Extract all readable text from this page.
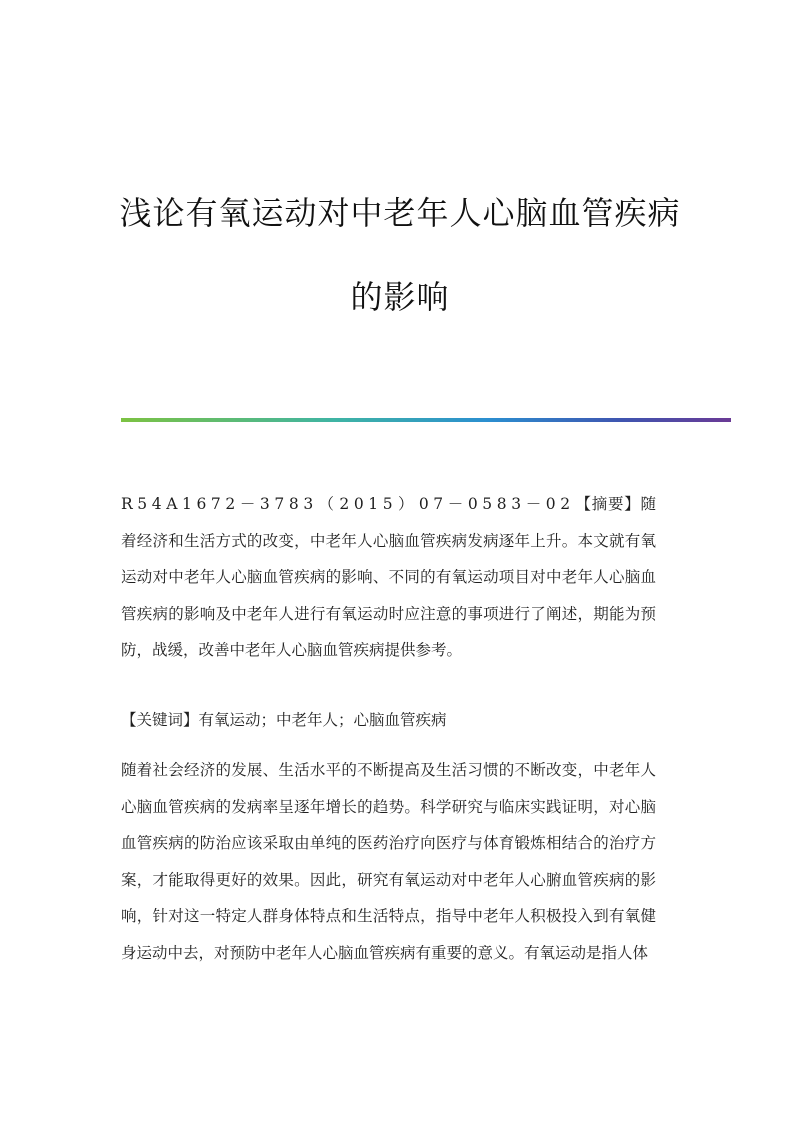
浅论有氧运动对中老年人心脑血管疾病
的影响
R54A1672－3783（2015）07－0583－02【摘要】随着经济和生活方式的改变，中老年人心脑血管疾病发病逐年上升。本文就有氧运动对中老年人心脑血管疾病的影响、不同的有氧运动项目对中老年人心脑血管疾病的影响及中老年人进行有氧运动时应注意的事项进行了阐述，期能为预防，战缓，改善中老年人心脑血管疾病提供参考。
【关键词】有氧运动；中老年人；心脑血管疾病
随着社会经济的发展、生活水平的不断提高及生活习惯的不断改变，中老年人心脑血管疾病的发病率呈逐年增长的趋势。科学研究与临床实践证明，对心脑血管疾病的防治应该采取由单纯的医药治疗向医疗与体育锻炼相结合的治疗方案，才能取得更好的效果。因此，研究有氧运动对中老年人心腑血管疾病的影响，针对这一特定人群身体特点和生活特点，指导中老年人积极投入到有氧健身运动中去，对预防中老年人心脑血管疾病有重要的意义。有氧运动是指人体
